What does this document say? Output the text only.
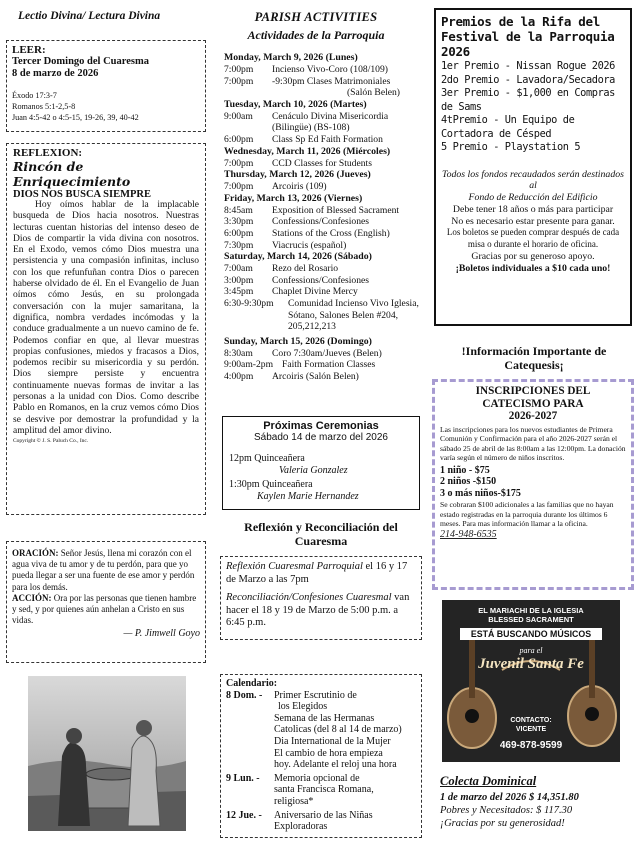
Lectio Divina/ Lectura Divina
LEER:
Tercer Domingo del Cuaresma
8 de marzo de 2026
Éxodo 17:3-7
Romanos 5:1-2,5-8
Juan 4:5-42 o 4:5-15, 19-26, 39, 40-42
REFLEXION:
Rincón de
Enriquecimiento
DIOS NOS BUSCA SIEMPRE

Hoy oímos hablar de la implacable busqueda de Dios hacia nosotros. Nuestras lecturas cuentan historias del intenso deseo de Dios de compartir la vida divina con nosotros. En el Exodo, vemos cómo Dios muestra una persistencia y una compasión infinitas, incluso con los que refunfuñan contra Dios o parecen haberse olvidado de él. En el Evangelio de Juan oímos cómo Jesús, en su prolongada conversación con la mujer samaritana, la dignifica, nombra verdades incómodas y la conduce gradualmente a un nuevo camino de fe. Podemos confiar en que, al llevar muestras propias confusiones, miedos y fracasos a Dios, podemos recibir su misericordia y su perdón. Dios siempre persiste y encuentra continuamente nuevas formas de invitar a las personas a la unidad con Dios. Como describe Pablo en Romanos, en la cruz vemos cómo Dios se desvive por demostrar la profundidad y la amplitud del amor divino.

Copyright © J. S. Paluch Co., Inc.

ORACIÓN: Señor Jesús, llena mi corazón con el agua viva de tu amor y de tu perdón, para que yo pueda llegar a ser una fuente de ese amor y perdón para los demás.

ACCIÓN: Ora por las personas que tienen hambre y sed, y por quienes aún anhelan a Cristo en sus vidas.

— P. Jimwell Goyo
PARISH ACTIVITIES
Actividades de la Parroquia
Monday, March 9, 2026 (Lunes)
7:00pm	Incienso Vivo-Coro (108/109)
7:00pm	-9:30pm Clases Matrimoniales
(Salón Belen)
Tuesday, March 10, 2026 (Martes)
9:00am	Cenáculo Divina Misericordia (Bilingüe) (BS-108)
6:00pm	Class Sp Ed Faith Formation
Wednesday, March 11, 2026 (Miércoles)
7:00pm	CCD Classes for Students
Thursday, March 12, 2026 (Jueves)
7:00pm	Arcoiris (109)
Friday, March 13, 2026 (Viernes)
8:45am	Exposition of Blessed Sacrament
3:30pm	Confessions/Confesiones
6:00pm	Stations of the Cross (English)
7:30pm	Viacrucis (español)
Saturday, March 14, 2026 (Sábado)
7:00am	Rezo del Rosario
3:00pm	Confessions/Confesiones
3:45pm	Chaplet Divine Mercy
6:30-9:30pm	Comunidad Incienso Vivo Iglesia, Sótano, Salones Belen #204, 205,212,213
Sunday, March 15, 2026 (Domingo)
8:30am	Coro 7:30am/Jueves (Belen)
9:00am-2pm Faith Formation Classes
4:00pm	Arcoiris (Salón Belen)
Próximas Ceremonias
Sábado 14 de marzo del 2026
12pm Quinceañera
Valeria Gonzalez
1:30pm Quinceañera
Kaylen Marie Hernandez
Reflexión y Reconciliación del
Cuaresma

Reflexión Cuaresmal Parroquial el 16 y 17 de Marzo a las 7pm

Reconciliación/Confesiones Cuaresmal van hacer el 18 y 19 de Marzo de 5:00 p.m. a 6:45 p.m.

Calendario:
8 Dom. -	Primer Escrutinio de
los Elegidos
Semana de las Hermanas
Catolicas (del 8 al 14 de marzo)
Dia International de la Mujer
El cambio de hora empieza
hoy. Adelante el reloj una hora
9 Lun. -	Memoria opcional de
santa Francisca Romana,
religiosa*
12 Jue. -	Aniversario de las Niñas
Exploradoras
Premios de la Rifa del Festival de la Parroquia 2026
1er Premio - Nissan Rogue 2026
2do Premio - Lavadora/Secadora
3er Premio - $1,000 en Compras de Sams
4tPremio - Un Equipo de Cortadora de Césped
5 Premio - Playstation 5
Todos los fondos recaudados serán destinados al
Fondo de Reducción del Edificio
Debe tener 18 años o más para participar
No es necesario estar presente para ganar.
Los boletos se pueden comprar después de cada misa o durante el horario de oficina.
Gracias por su generoso apoyo.
¡Boletos individuales a $10 cada uno!
!Información Importante de Catequesis¡
INSCRIPCIONES DEL
CATECISMO PARA
2026-2027

Las inscripciones para los nuevos estudiantes de Primera Comunión y Confirmación para el año 2026-2027 serán el sábado 25 de abril de las 8:00am a las 12:00pm. La donación varía según el número de niños inscritos.

1 niño - $75
2 niños -$150
3 o más niños-$175

Se cobraran $100 adicionales a las familias que no hayan estado registradas en la parroquia durante los últimos 6 meses. Para mas información llamar a la oficina.

214-948-6535
EL MARIACHI DE LA IGLESIA
BLESSED SACRAMENT
ESTÁ BUSCANDO MÚSICOS
para el
Juvenil Santa Fe
CONTACTO:
VICENTE
469-878-9599
Colecta Dominical
1 de marzo del 2026 $ 14,351.80
Pobres y Necesitados: $ 117.30
¡Gracias por su generosidad!
